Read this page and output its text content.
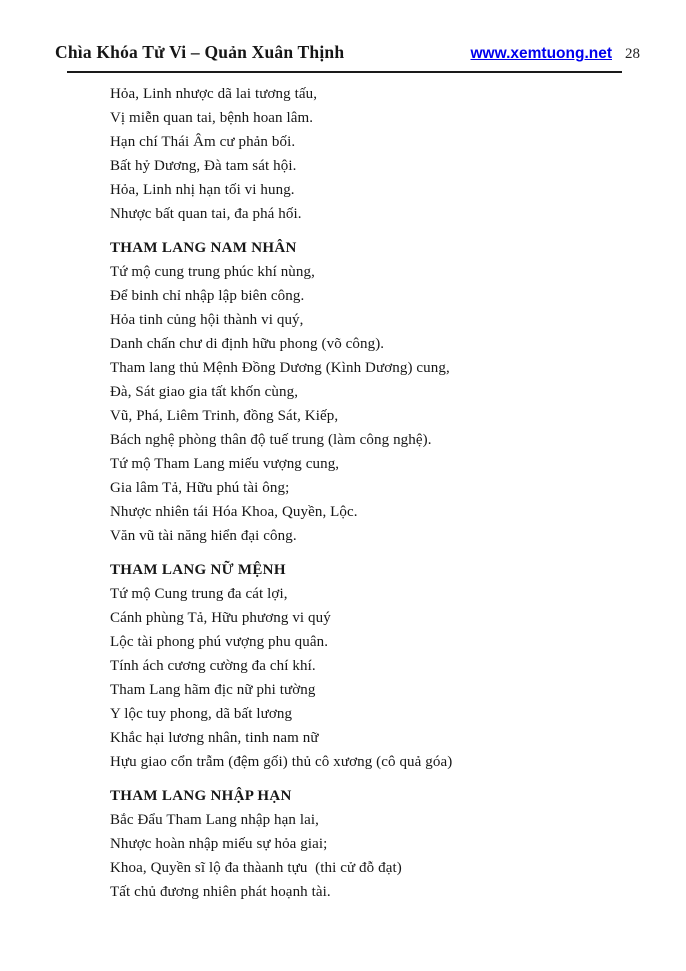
Chìa Khóa Tử Vi – Quản Xuân Thịnh	www.xemtuong.net 28
Hỏa, Linh nhược dã lai tương tấu,
Vị miễn quan tai, bệnh hoan lâm.
Hạn chí Thái Âm cư phản bối.
Bất hỷ Dương, Đà tam sát hội.
Hỏa, Linh nhị hạn tối vi hung.
Nhược bất quan tai, đa phá hối.
THAM LANG NAM NHÂN
Tứ mộ cung trung phúc khí nùng,
Để binh chỉ nhập lập biên công.
Hỏa tinh củng hội thành vi quý,
Danh chấn chư di định hữu phong (võ công).
Tham lang thủ Mệnh Đồng Dương (Kình Dương) cung,
Đà, Sát giao gia tất khốn cùng,
Vũ, Phá, Liêm Trinh, đồng Sát, Kiếp,
Bách nghệ phòng thân độ tuế trung (làm công nghệ).
Tứ mộ Tham Lang miếu vượng cung,
Gia lâm Tả, Hữu phú tài ông;
Nhược nhiên tái Hóa Khoa, Quyền, Lộc.
Văn vũ tài năng hiển đại công.
THAM LANG NỮ MỆNH
Tứ mộ Cung trung đa cát lợi,
Cánh phùng Tả, Hữu phương vi quý
Lộc tài phong phú vượng phu quân.
Tính ách cương cường đa chí khí.
Tham Lang hãm địc nữ phi tường
Y lộc tuy phong, dã bất lương
Khắc hại lương nhân, tinh nam nữ
Hựu giao cổn trẫm (đệm gối) thủ cô xương (cô quả góa)
THAM LANG NHẬP HẠN
Bắc Đẩu Tham Lang nhập hạn lai,
Nhược hoàn nhập miếu sự hỏa giai;
Khoa, Quyền sĩ lộ đa thàanh tựu  (thi cử đỗ đạt)
Tất chủ đương nhiên phát hoạnh tài.
